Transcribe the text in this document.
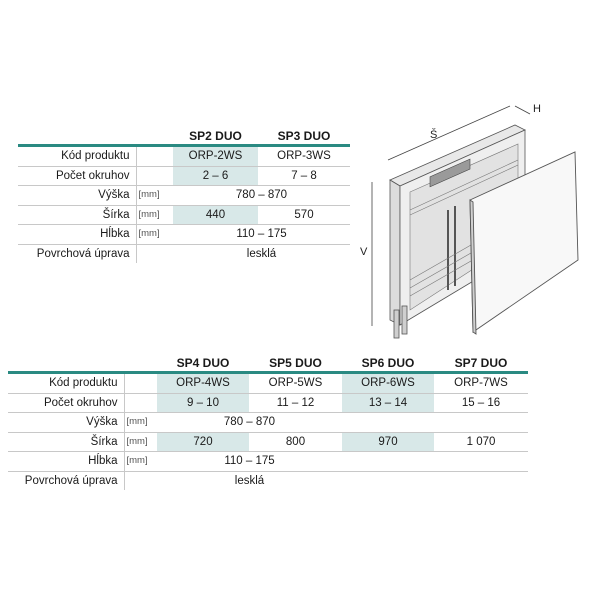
		SP2 DUO	SP3 DUO
Kód produktu		ORP-2WS	ORP-3WS
Počet okruhov		2 – 6	7 – 8
Výška	[mm]	780 – 870	
Šírka	[mm]	440	570
Hĺbka	[mm]	110 – 175	
Povrchová úprava		lesklá	
		SP4 DUO	SP5 DUO	SP6 DUO	SP7 DUO
Kód produktu		ORP-4WS	ORP-5WS	ORP-6WS	ORP-7WS
Počet okruhov		9 – 10	11 – 12	13 – 14	15 – 16
Výška	[mm]	780 – 870			
Šírka	[mm]	720	800	970	1 070
Hĺbka	[mm]	110 – 175			
Povrchová úprava		lesklá			
Š
V
H
